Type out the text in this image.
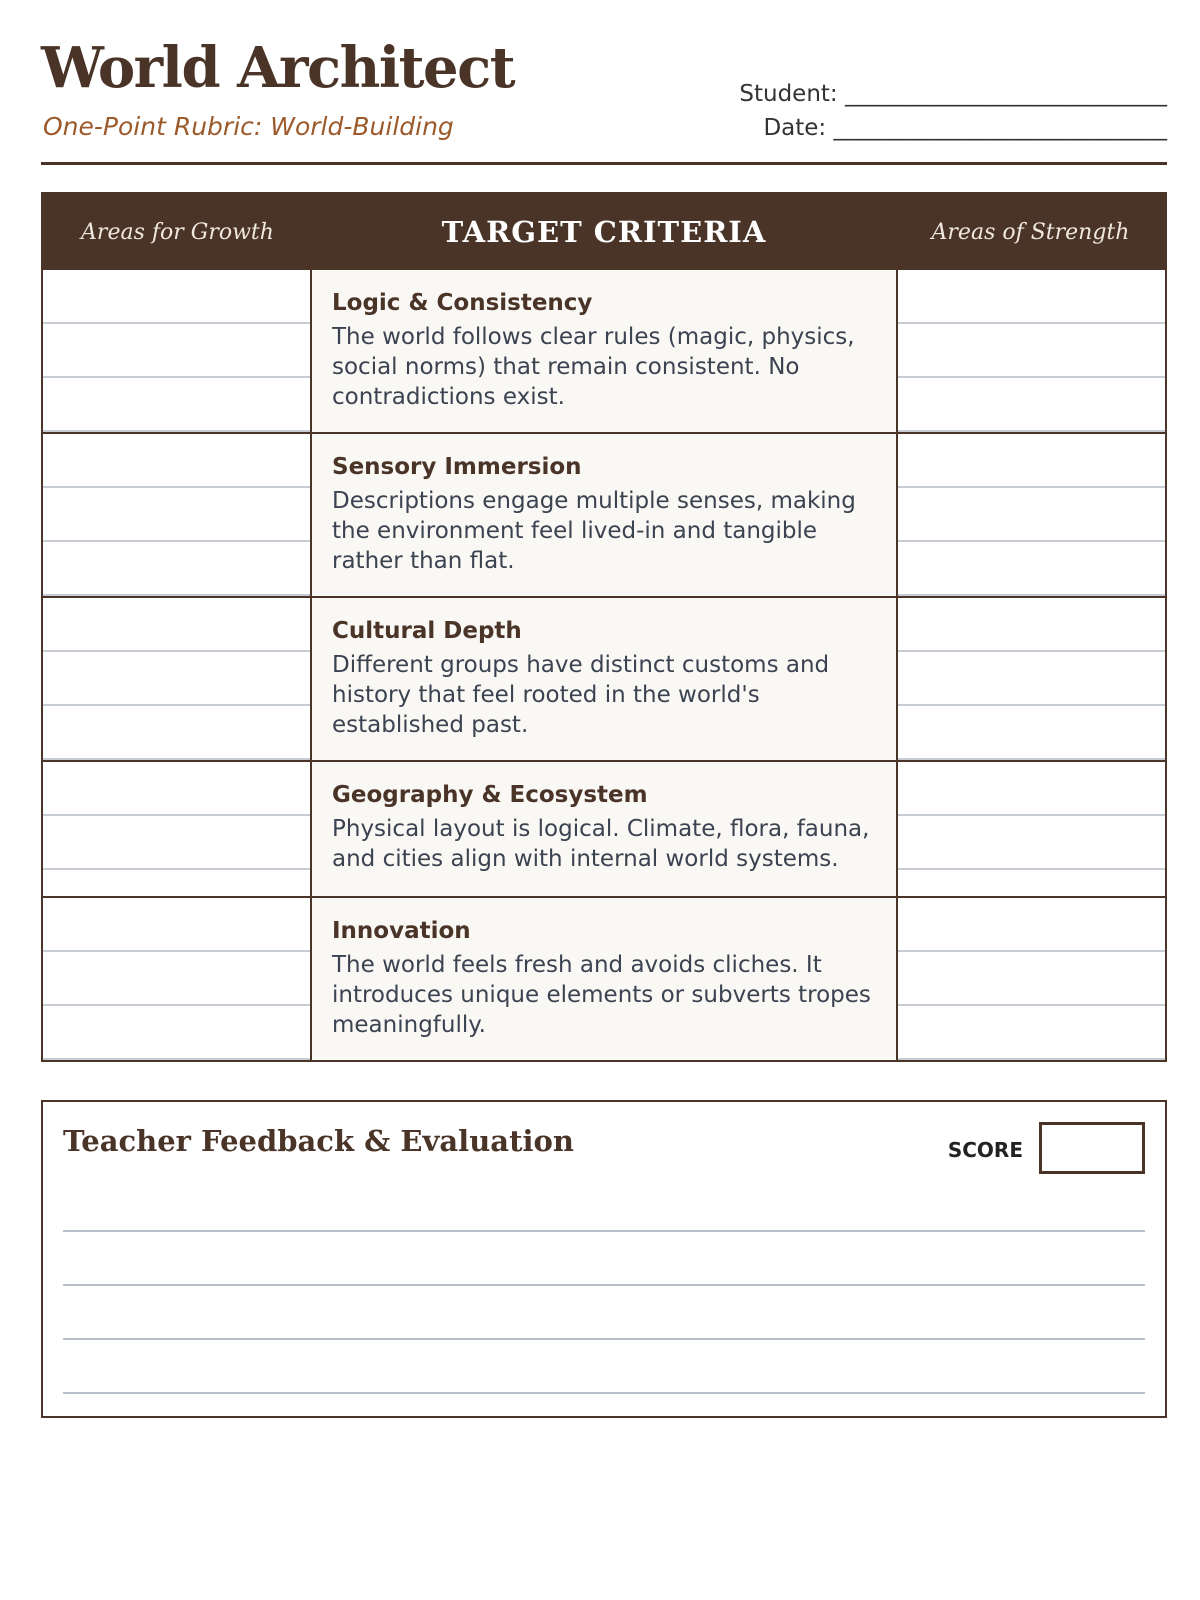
World Architect
One-Point Rubric: World-Building
Student: ____________________________
Date: _____________________________
Areas for Growth	TARGET CRITERIA	Areas of Strength

Logic & Consistency

The world follows clear rules (magic, physics, social norms) that remain consistent. No contradictions exist.

Sensory Immersion

Descriptions engage multiple senses, making the environment feel lived-in and tangible rather than flat.

Cultural Depth

Different groups have distinct customs and history that feel rooted in the world's established past.

Geography & Ecosystem

Physical layout is logical. Climate, flora, fauna, and cities align with internal world systems.

Innovation

The world feels fresh and avoids cliches. It introduces unique elements or subverts tropes meaningfully.

Teacher Feedback & Evaluation	SCORE
